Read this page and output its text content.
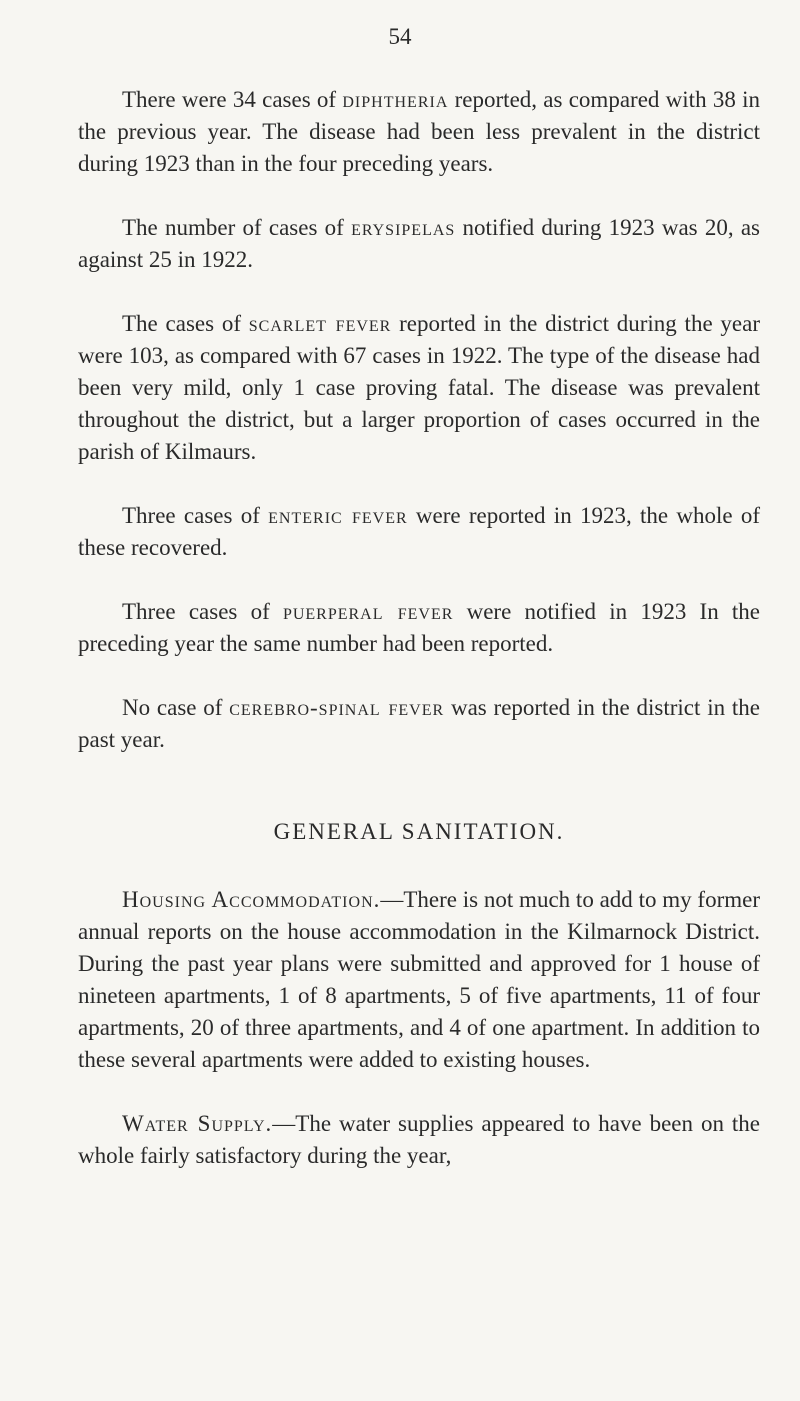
54

There were 34 cases of diphtheria reported, as compared with 38 in the previous year. The disease had been less prevalent in the district during 1923 than in the four preceding years.

The number of cases of erysipelas notified during 1923 was 20, as against 25 in 1922.

The cases of scarlet fever reported in the district during the year were 103, as compared with 67 cases in 1922. The type of the disease had been very mild, only 1 case proving fatal. The disease was prevalent throughout the district, but a larger proportion of cases occurred in the parish of Kilmaurs.

Three cases of enteric fever were reported in 1923, the whole of these recovered.

Three cases of puerperal fever were notified in 1923 In the preceding year the same number had been reported.

No case of cerebro-spinal fever was reported in the district in the past year.

GENERAL SANITATION.

Housing Accommodation.—There is not much to add to my former annual reports on the house accommodation in the Kilmarnock District. During the past year plans were submitted and approved for 1 house of nineteen apartments, 1 of 8 apartments, 5 of five apartments, 11 of four apartments, 20 of three apartments, and 4 of one apartment. In addition to these several apartments were added to existing houses.

Water Supply.—The water supplies appeared to have been on the whole fairly satisfactory during the year,
